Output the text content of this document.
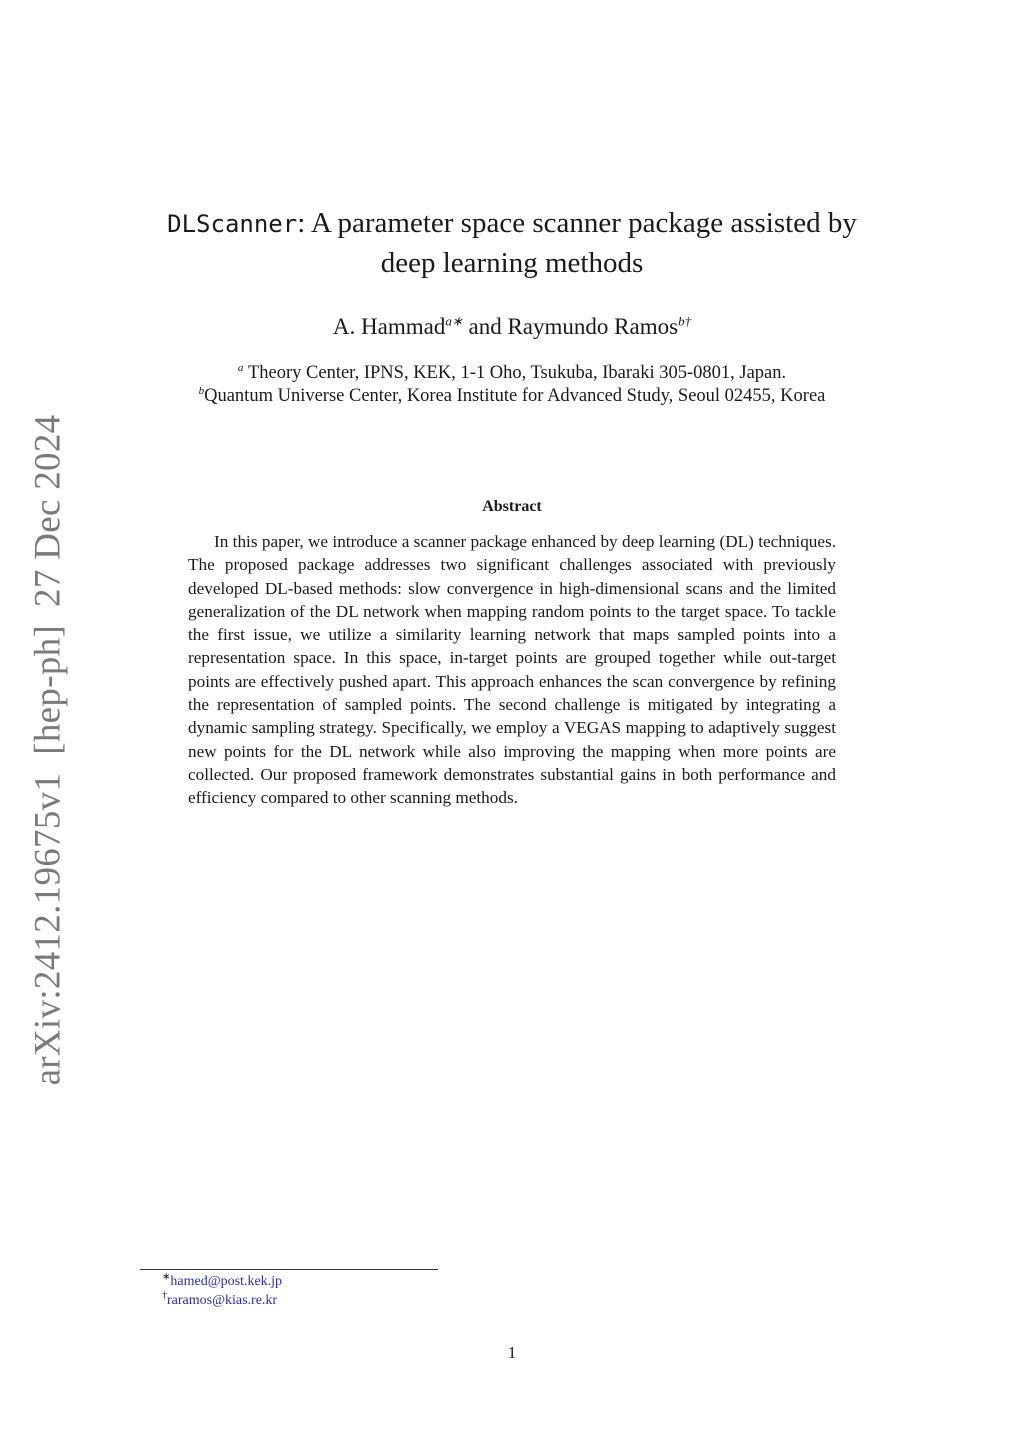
arXiv:2412.19675v1[hep-ph]27 Dec 2024
DLScanner: A parameter space scanner package assisted by
deep learning methods
A. Hammad$^{a∗}$ and Raymundo Ramos$^{b\dagger}$
$^a$ Theory Center, IPNS, KEK, 1-1 Oho, Tsukuba, Ibaraki 305-0801, Japan.
$^b$Quantum Universe Center, Korea Institute for Advanced Study, Seoul 02455, Korea
Abstract

In this paper, we introduce a scanner package enhanced by deep learning (DL) techniques. The proposed package addresses two significant challenges associated with previously developed DL-based methods: slow convergence in high-dimensional scans and the limited generalization of the DL network when mapping random points to the target space. To tackle the first issue, we utilize a similarity learning network that maps sampled points into a representation space. In this space, in-target points are grouped together while out-target points are effectively pushed apart. This approach enhances the scan convergence by refining the representation of sampled points. The second challenge is mitigated by integrating a dynamic sampling strategy. Specifically, we employ a VEGAS mapping to adaptively suggest new points for the DL network while also improving the mapping when more points are collected. Our proposed framework demonstrates substantial gains in both performance and efficiency compared to other scanning methods.

∗hamed@post.kek.jp
†raramos@kias.re.kr
1
